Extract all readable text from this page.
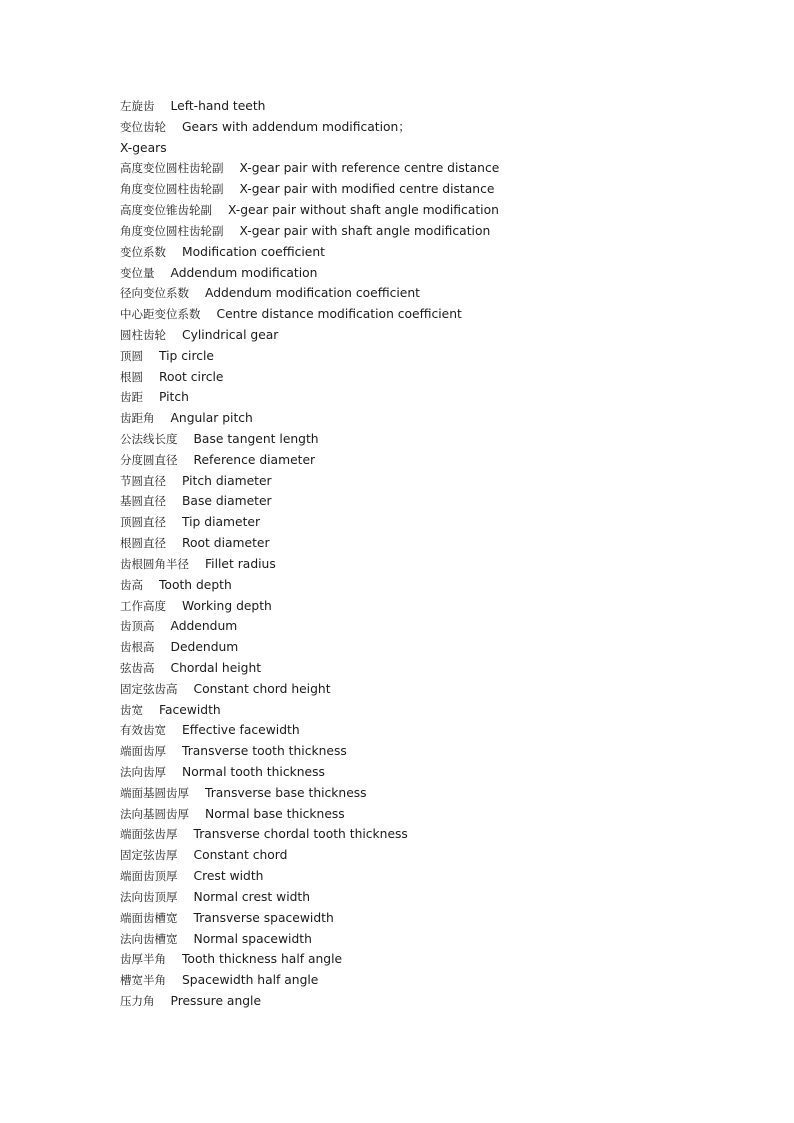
左旋齿 Left-hand teeth
变位齿轮 Gears with addendum modification；
X-gears
高度变位圆柱齿轮副 X-gear pair with reference centre distance
角度变位圆柱齿轮副 X-gear pair with modified centre distance
高度变位锥齿轮副 X-gear pair without shaft angle modification
角度变位圆柱齿轮副 X-gear pair with shaft angle modification
变位系数 Modification coefficient
变位量 Addendum modification
径向变位系数 Addendum modification coefficient
中心距变位系数 Centre distance modification coefficient
圆柱齿轮 Cylindrical gear
顶圆 Tip circle
根圆 Root circle
齿距 Pitch
齿距角 Angular pitch
公法线长度 Base tangent length
分度圆直径 Reference diameter
节圆直径 Pitch diameter
基圆直径 Base diameter
顶圆直径 Tip diameter
根圆直径 Root diameter
齿根圆角半径 Fillet radius
齿高 Tooth depth
工作高度 Working depth
齿顶高 Addendum
齿根高 Dedendum
弦齿高 Chordal height
固定弦齿高 Constant chord height
齿宽 Facewidth
有效齿宽 Effective facewidth
端面齿厚 Transverse tooth thickness
法向齿厚 Normal tooth thickness
端面基圆齿厚 Transverse base thickness
法向基圆齿厚 Normal base thickness
端面弦齿厚 Transverse chordal tooth thickness
固定弦齿厚 Constant chord
端面齿顶厚 Crest width
法向齿顶厚 Normal crest width
端面齿槽宽 Transverse spacewidth
法向齿槽宽 Normal spacewidth
齿厚半角 Tooth thickness half angle
槽宽半角 Spacewidth half angle
压力角 Pressure angle
